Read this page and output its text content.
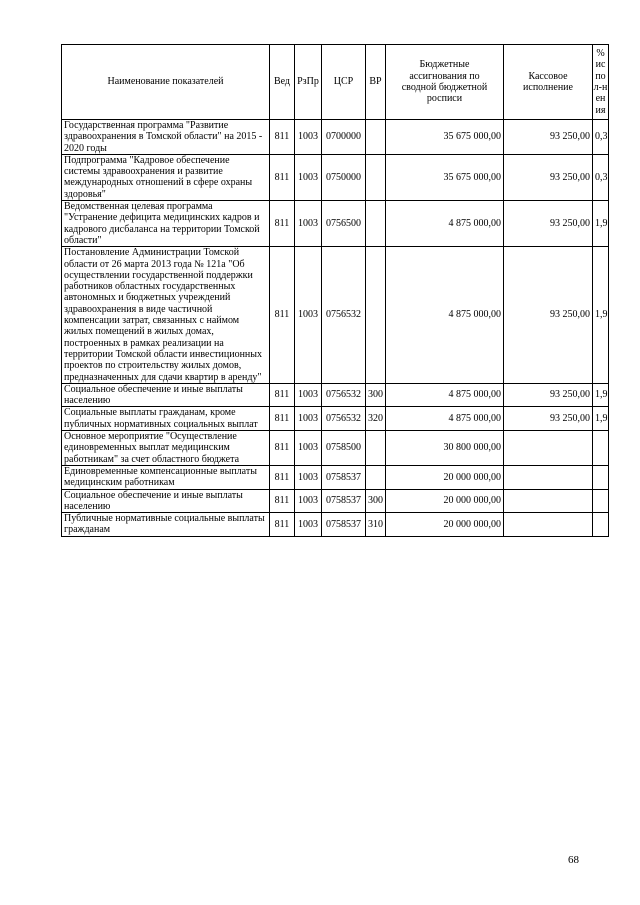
Наименование показателей	Вед	РзПр	ЦСР	ВР	Бюджетные ассигнования по сводной бюджетной росписи	Кассовое исполнение	% испол-нения
Государственная программа "Развитие здравоохранения в Томской области" на 2015 - 2020 годы	811	1003	0700000		35 675 000,00	93 250,00	0,3
Подпрограмма "Кадровое обеспечение системы здравоохранения и развитие международных отношений в сфере охраны здоровья"	811	1003	0750000		35 675 000,00	93 250,00	0,3
Ведомственная целевая программа "Устранение дефицита медицинских кадров и кадрового дисбаланса на территории Томской области"	811	1003	0756500		4 875 000,00	93 250,00	1,9
Постановление Администрации Томской области от 26 марта 2013 года № 121а "Об осуществлении государственной поддержки работников областных государственных автономных и бюджетных учреждений здравоохранения в виде частичной компенсации затрат, связанных с наймом жилых помещений в жилых домах, построенных в рамках реализации на территории Томской области инвестиционных проектов по строительству жилых домов, предназначенных для сдачи квартир в аренду"	811	1003	0756532		4 875 000,00	93 250,00	1,9
Социальное обеспечение и иные выплаты населению	811	1003	0756532	300	4 875 000,00	93 250,00	1,9
Социальные выплаты гражданам, кроме публичных нормативных социальных выплат	811	1003	0756532	320	4 875 000,00	93 250,00	1,9
Основное мероприятие "Осуществление единовременных выплат медицинским работникам" за счет областного бюджета	811	1003	0758500		30 800 000,00		
Единовременные компенсационные выплаты медицинским работникам	811	1003	0758537		20 000 000,00		
Социальное обеспечение и иные выплаты населению	811	1003	0758537	300	20 000 000,00		
Публичные нормативные социальные выплаты гражданам	811	1003	0758537	310	20 000 000,00		
68
